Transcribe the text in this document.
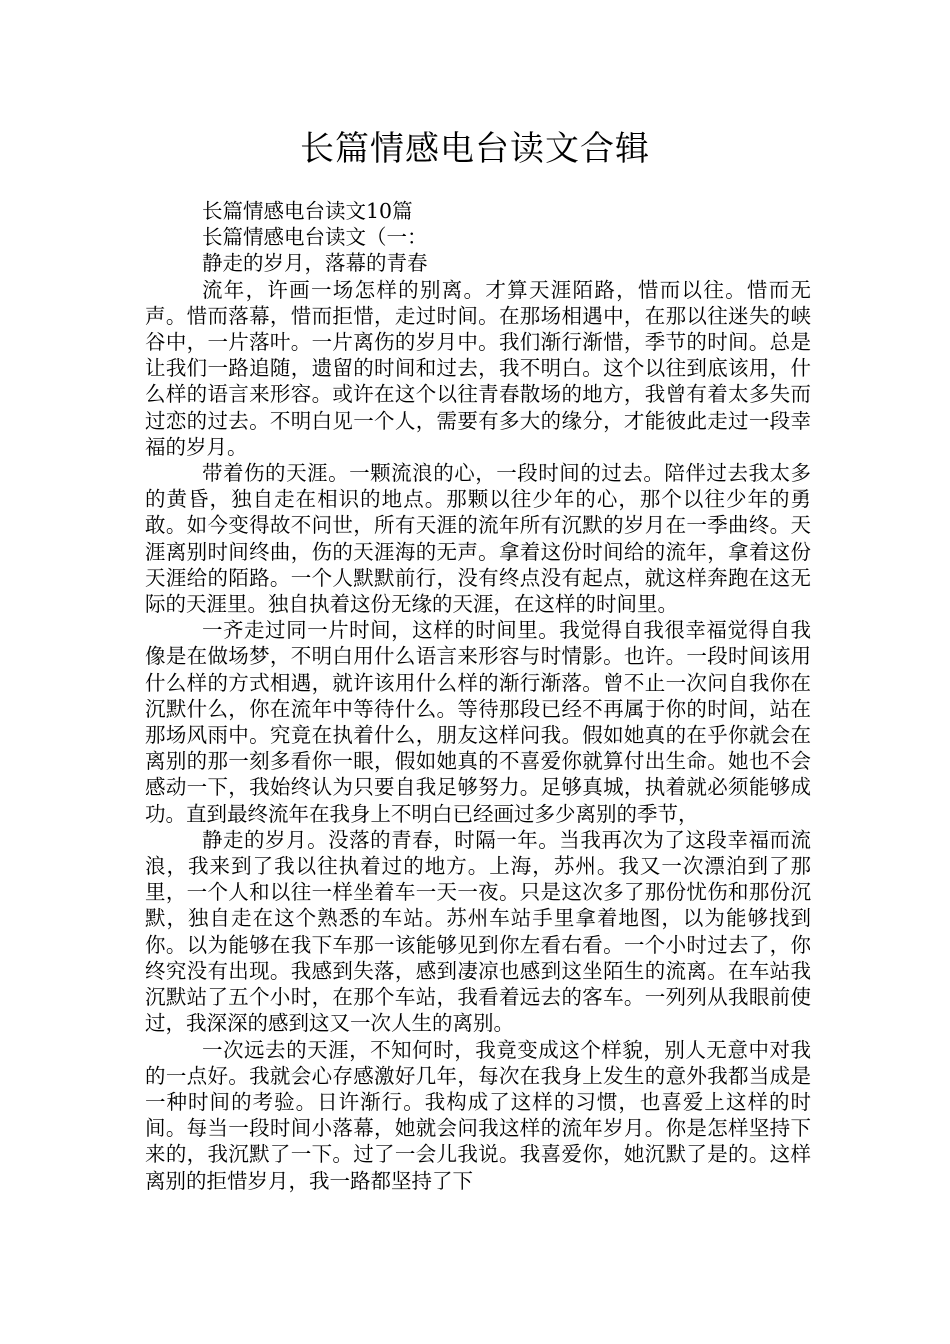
长篇情感电台读文合辑
长篇情感电台读文10篇
长篇情感电台读文（一：
静走的岁月，落幕的青春

流年，许画一场怎样的别离。才算天涯陌路，惜而以往。惜而无声。惜而落幕，惜而拒惜，走过时间。在那场相遇中，在那以往迷失的峡谷中，一片落叶。一片离伤的岁月中。我们渐行渐惜，季节的时间。总是让我们一路追随，遗留的时间和过去，我不明白。这个以往到底该用，什么样的语言来形容。或许在这个以往青春散场的地方，我曾有着太多失而过恋的过去。不明白见一个人，需要有多大的缘分，才能彼此走过一段幸福的岁月。

带着伤的天涯。一颗流浪的心，一段时间的过去。陪伴过去我太多的黄昏，独自走在相识的地点。那颗以往少年的心，那个以往少年的勇敢。如今变得故不问世，所有天涯的流年所有沉默的岁月在一季曲终。天涯离别时间终曲，伤的天涯海的无声。拿着这份时间给的流年，拿着这份天涯给的陌路。一个人默默前行，没有终点没有起点，就这样奔跑在这无际的天涯里。独自执着这份无缘的天涯，在这样的时间里。

一齐走过同一片时间，这样的时间里。我觉得自我很幸福觉得自我像是在做场梦，不明白用什么语言来形容与时情影。也许。一段时间该用什么样的方式相遇，就许该用什么样的渐行渐落。曾不止一次问自我你在沉默什么，你在流年中等待什么。等待那段已经不再属于你的时间，站在那场风雨中。究竟在执着什么，朋友这样问我。假如她真的在乎你就会在离别的那一刻多看你一眼，假如她真的不喜爱你就算付出生命。她也不会感动一下，我始终认为只要自我足够努力。足够真城，执着就必须能够成功。直到最终流年在我身上不明白已经画过多少离别的季节，

静走的岁月。没落的青春，时隔一年。当我再次为了这段幸福而流浪，我来到了我以往执着过的地方。上海，苏州。我又一次漂泊到了那里，一个人和以往一样坐着车一天一夜。只是这次多了那份忧伤和那份沉默，独自走在这个熟悉的车站。苏州车站手里拿着地图，以为能够找到你。以为能够在我下车那一该能够见到你左看右看。一个小时过去了，你终究没有出现。我感到失落，感到凄凉也感到这坐陌生的流离。在车站我沉默站了五个小时，在那个车站，我看着远去的客车。一列列从我眼前使过，我深深的感到这又一次人生的离别。

一次远去的天涯，不知何时，我竟变成这个样貌，别人无意中对我的一点好。我就会心存感激好几年，每次在我身上发生的意外我都当成是一种时间的考验。日许渐行。我构成了这样的习惯，也喜爱上这样的时间。每当一段时间小落幕，她就会问我这样的流年岁月。你是怎样坚持下来的，我沉默了一下。过了一会儿我说。我喜爱你，她沉默了是的。这样离别的拒惜岁月，我一路都坚持了下
